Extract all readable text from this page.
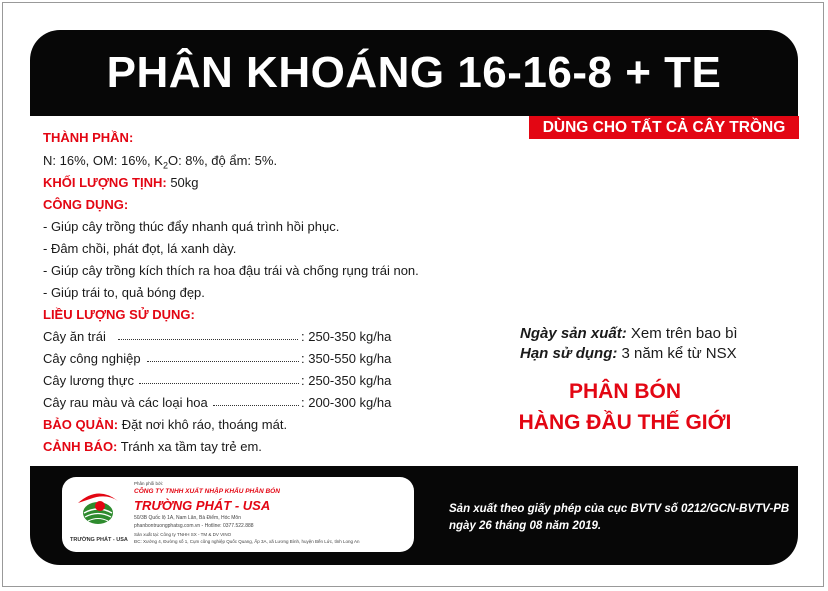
PHÂN KHOÁNG 16-16-8 + TE
DÙNG CHO TẤT CẢ CÂY TRỒNG
THÀNH PHẦN:
N: 16%, OM: 16%, $K_2O$: 8%, độ ẩm: 5%.
KHỐI LƯỢNG TỊNH: 50kg
CÔNG DỤNG:
- Giúp cây trồng thúc đẩy nhanh quá trình hồi phục.
- Đâm chồi, phát đọt, lá xanh dày.
- Giúp cây trồng kích thích ra hoa đậu trái và chống rụng trái non.
- Giúp trái to, quả bóng đẹp.
LIỀU LƯỢNG SỬ DỤNG:
Cây ăn trái	: 250-350 kg/ha
Cây công nghiệp	: 350-550 kg/ha
Cây lương thực	: 250-350 kg/ha
Cây rau màu và các loại hoa	: 200-300 kg/ha
BẢO QUẢN: Đặt nơi khô ráo, thoáng mát.
CẢNH BÁO: Tránh xa tầm tay trẻ em.
Ngày sản xuất: Xem trên bao bì
Hạn sử dụng: 3 năm kể từ NSX
PHÂN BÓN
HÀNG ĐẦU THẾ GIỚI
TRƯỜNG PHÁT - USA
Phân phối bởi:
CÔNG TY TNHH XUẤT NHẬP KHẨU PHÂN BÓN
TRƯỜNG PHÁT - USA
50/3B Quốc lộ 1A, Nam Lân, Bà Điểm, Hóc Môn
phanbontruongphatsg.com.vn - Hotline: 0377.522.888
Sản xuất tại: Công ty TNHH SX - TM & DV VINO
ĐC: Xưởng 4, Đường số 1, Cụm công nghiệp Quốc Quang, Ấp 3A, xã Lương Bình, huyện Bến Lức, tỉnh Long An
Sản xuất theo giấy phép của cục BVTV số 0212/GCN-BVTV-PB
ngày 26 tháng 08 năm 2019.
